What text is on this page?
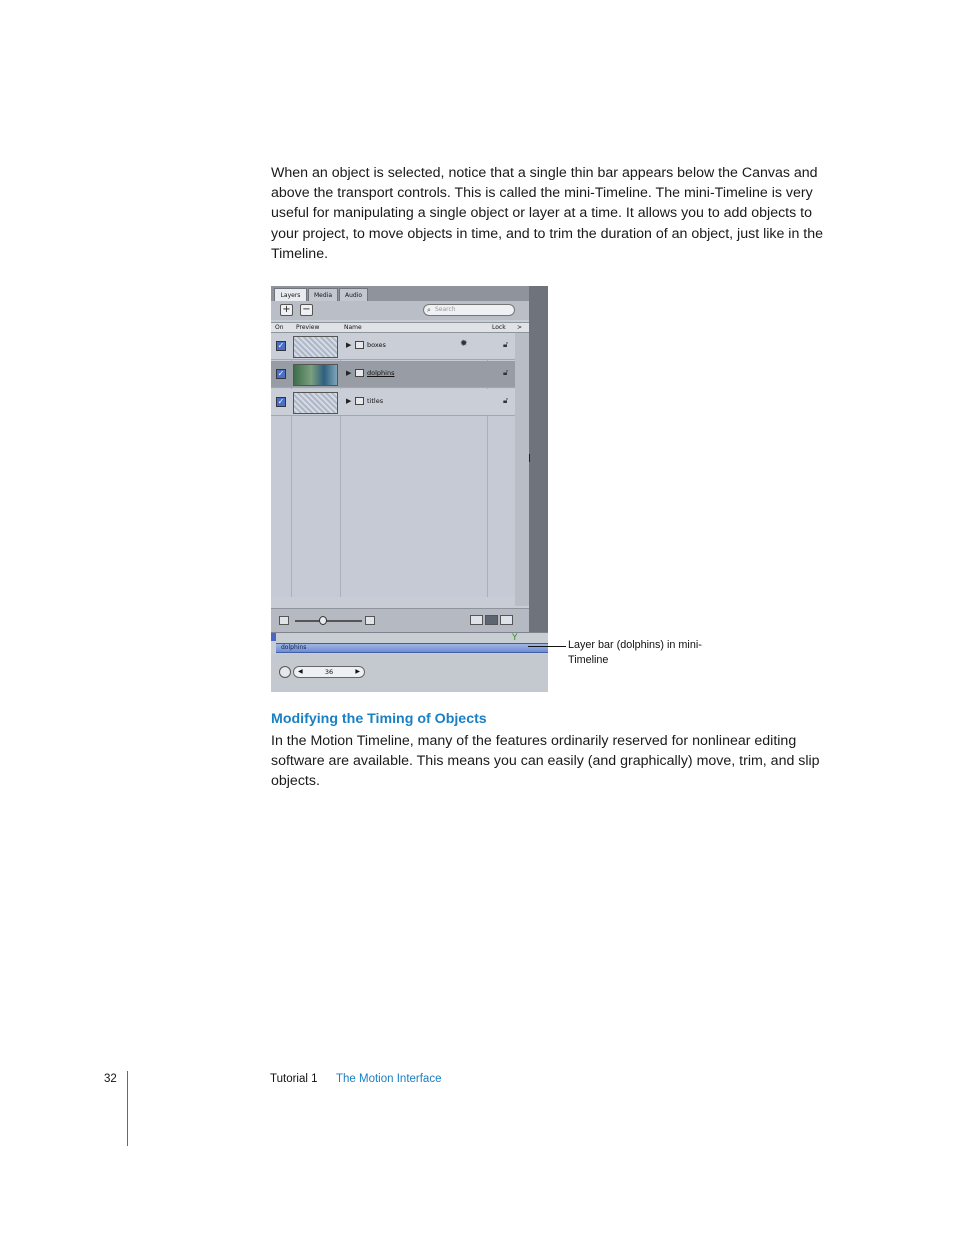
When an object is selected, notice that a single thin bar appears below the Canvas and above the transport controls. This is called the mini-Timeline. The mini-Timeline is very useful for manipulating a single object or layer at a time. It allows you to add objects to your project, to move objects in time, and to trim the duration of an object, just like in the Timeline.

Layers	Media	Audio
+ −	⌕ Search
On Preview	Name	Lock >
✓	▶ boxes	✹	🔓︎
✓	▶ dolphins	🔓︎
✓	▶ titles	🔓︎
Y
dolphins
◀	36	▶
Layer bar (dolphins) in mini-Timeline
Modifying the Timing of Objects

In the Motion Timeline, many of the features ordinarily reserved for nonlinear editing software are available. This means you can easily (and graphically) move, trim, and slip objects.

32	Tutorial 1 The Motion Interface
